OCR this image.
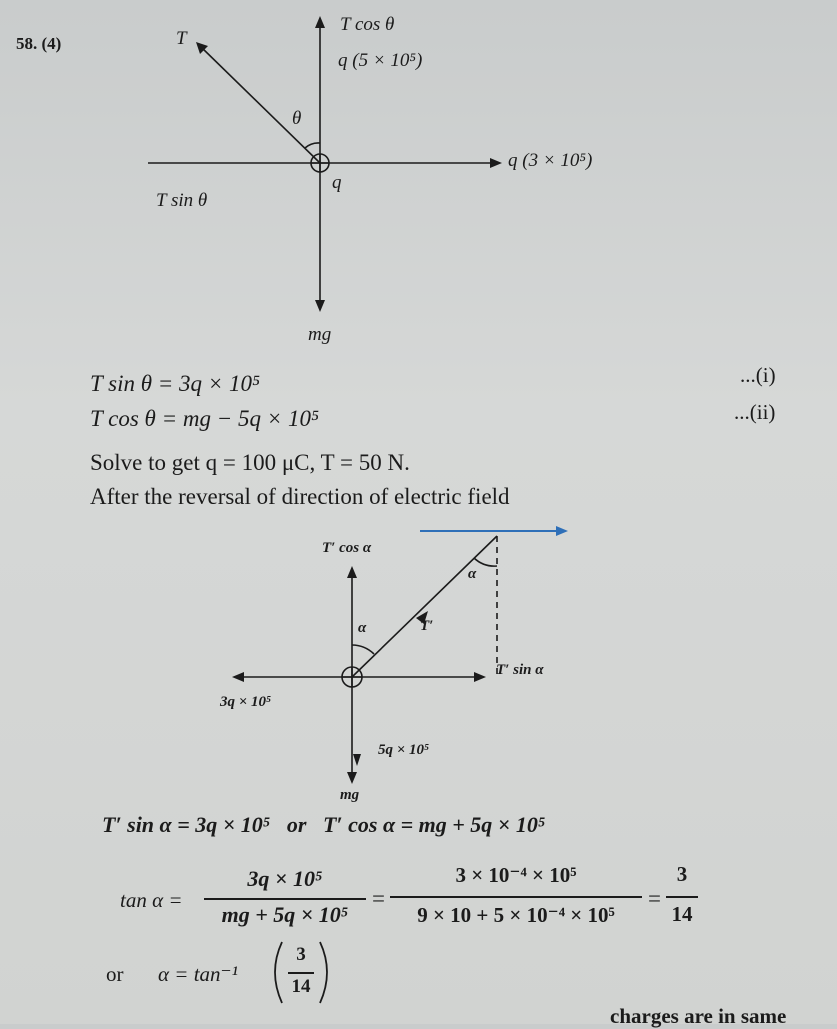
58. (4)	T
T cos θ
q (5 × 10⁵)
θ
q (3 × 10⁵)
q
T sin θ
mg
T sin θ = 3q × 10⁵	...(i)
T cos θ = mg − 5q × 10⁵	...(ii)
Solve to get q = 100 μC, T = 50 N.
After the reversal of direction of electric field
T′ cos α
α
α	T′
T′ sin α
3q × 10⁵
5q × 10⁵
mg
T′ sin α = 3q × 10⁵   or   T′ cos α = mg + 5q × 10⁵
tan α =
3q × 10⁵
mg + 5q × 10⁵
=
3 × 10⁻⁴ × 10⁵
9 × 10 + 5 × 10⁻⁴ × 10⁵
=
3
14
or α = tan⁻¹
3
14
charges are in same
